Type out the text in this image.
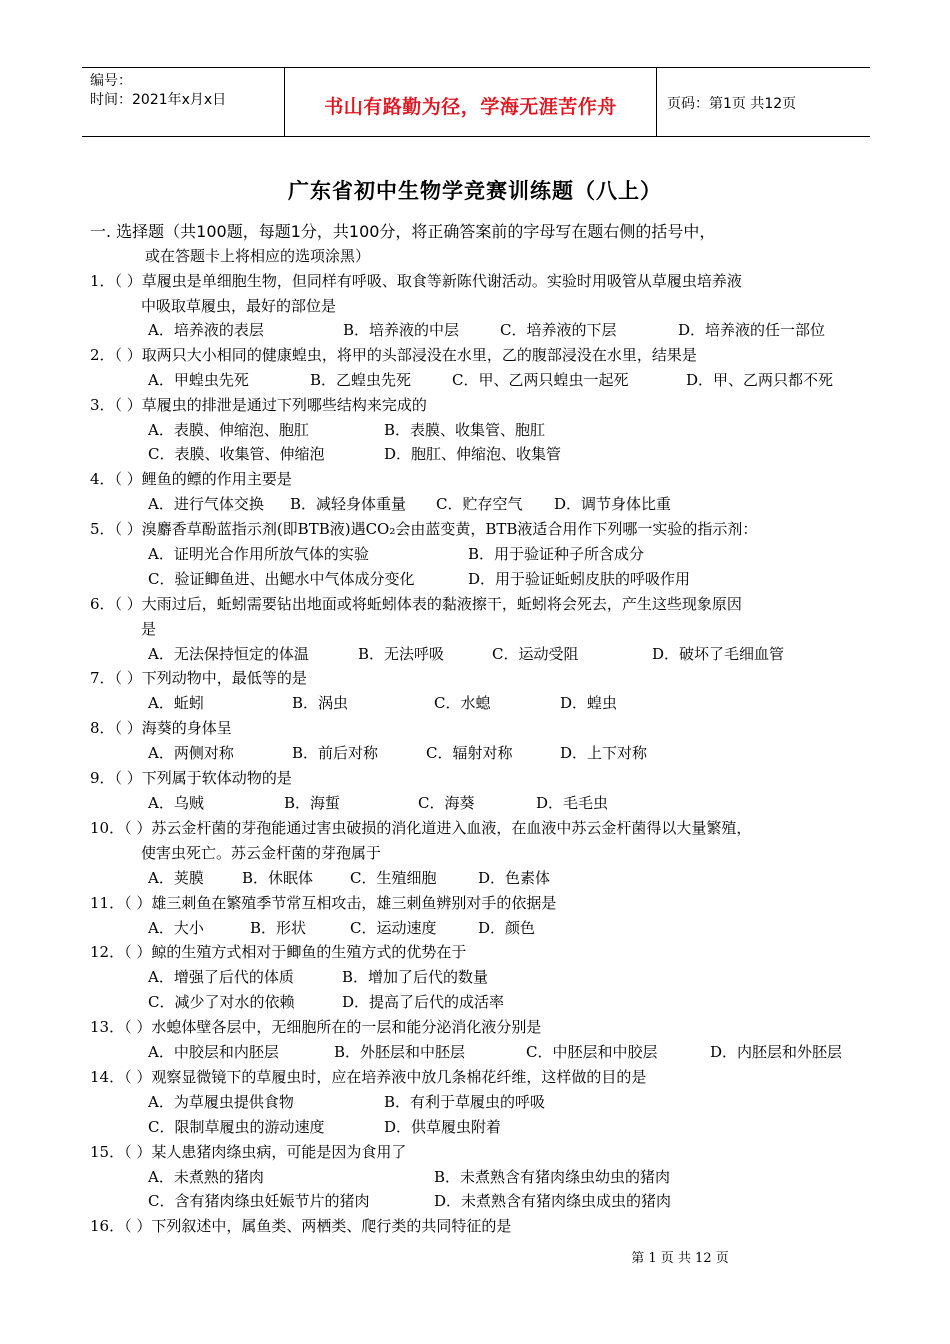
编号：
时间：2021年x月x日	书山有路勤为径，学海无涯苦作舟	页码：第1页 共12页
广东省初中生物学竞赛训练题（八上）
一. 选择题（共100题，每题1分，共100分，将正确答案前的字母写在题右侧的括号中，
或在答题卡上将相应的选项涂黑）
1．（ ）草履虫是单细胞生物，但同样有呼吸、取食等新陈代谢活动。实验时用吸管从草履虫培养液
中吸取草履虫，最好的部位是
A．培养液的表层	B．培养液的中层	C．培养液的下层	D．培养液的任一部位
2．（ ）取两只大小相同的健康蝗虫，将甲的头部浸没在水里，乙的腹部浸没在水里，结果是
A．甲蝗虫先死	B．乙蝗虫先死	C．甲、乙两只蝗虫一起死	D．甲、乙两只都不死
3．（ ）草履虫的排泄是通过下列哪些结构来完成的
A．表膜、伸缩泡、胞肛	B．表膜、收集管、胞肛
C．表膜、收集管、伸缩泡	D．胞肛、伸缩泡、收集管
4．（ ）鲤鱼的鳔的作用主要是
A．进行气体交换 B．减轻身体重量 C．贮存空气 D．调节身体比重
5．（ ）溴麝香草酚蓝指示剂(即BTB液)遇CO₂会由蓝变黄，BTB液适合用作下列哪一实验的指示剂：
A．证明光合作用所放气体的实验	B．用于验证种子所含成分
C．验证鲫鱼进、出鳃水中气体成分变化	D．用于验证蚯蚓皮肤的呼吸作用
6．（ ）大雨过后，蚯蚓需要钻出地面或将蚯蚓体表的黏液擦干，蚯蚓将会死去，产生这些现象原因
是
A．无法保持恒定的体温	B．无法呼吸	C．运动受阻	D．破坏了毛细血管
7．（ ）下列动物中，最低等的是
A．蚯蚓	B．涡虫	C．水螅	D．蝗虫
8．（ ）海葵的身体呈
A．两侧对称	B．前后对称	C．辐射对称	D．上下对称
9．（ ）下列属于软体动物的是
A．乌贼	B．海蜇	C．海葵	D．毛毛虫
10．（ ）苏云金杆菌的芽孢能通过害虫破损的消化道进入血液，在血液中苏云金杆菌得以大量繁殖，
使害虫死亡。苏云金杆菌的芽孢属于
A．荚膜	B．休眠体 C．生殖细胞	D．色素体
11．（ ）雄三刺鱼在繁殖季节常互相攻击，雄三刺鱼辨别对手的依据是
A．大小	B．形状	C．运动速度	D．颜色
12．（ ）鲸的生殖方式相对于鲫鱼的生殖方式的优势在于
A．增强了后代的体质	B．增加了后代的数量
C．减少了对水的依赖	D．提高了后代的成活率
13．（ ）水螅体壁各层中，无细胞所在的一层和能分泌消化液分别是
A．中胶层和内胚层	B．外胚层和中胚层	C．中胚层和中胶层	D．内胚层和外胚层
14．（ ）观察显微镜下的草履虫时，应在培养液中放几条棉花纤维，这样做的目的是
A．为草履虫提供食物	B．有利于草履虫的呼吸
C．限制草履虫的游动速度	D．供草履虫附着
15．（ ）某人患猪肉绦虫病，可能是因为食用了
A．未煮熟的猪肉	B．未煮熟含有猪肉绦虫幼虫的猪肉
C．含有猪肉绦虫妊娠节片的猪肉	D．未煮熟含有猪肉绦虫成虫的猪肉
16．（ ）下列叙述中，属鱼类、两栖类、爬行类的共同特征的是
第 1 页 共 12 页
